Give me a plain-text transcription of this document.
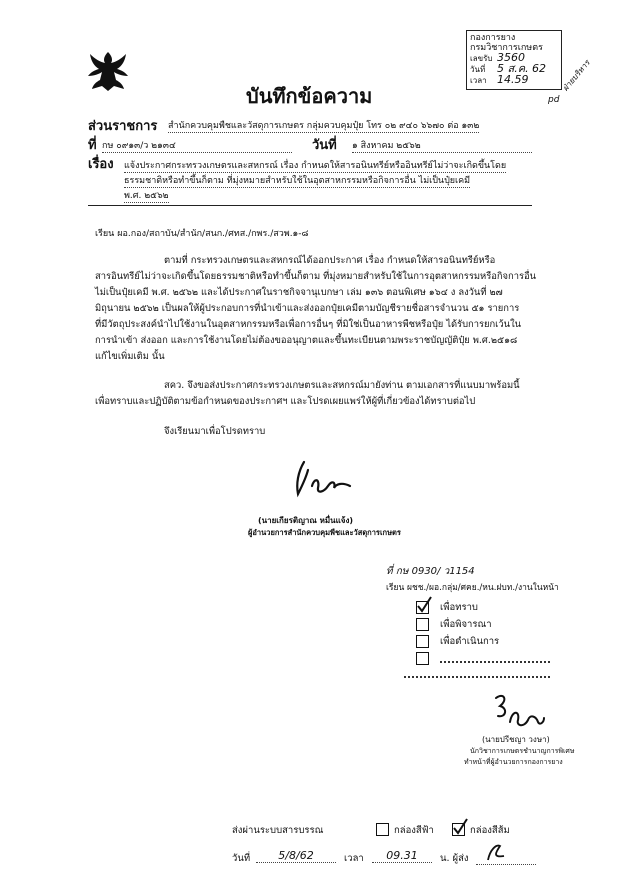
กองการยาง
กรมวิชาการเกษตร
เลขรับ 3560
วันที่ 5 ส.ค. 62
เวลา 14.59	ฝ่ายบริหาร
pd
บันทึกข้อความ
ส่วนราชการ สำนักควบคุมพืชและวัสดุการเกษตร กลุ่มควบคุมปุ๋ย โทร ๐๒ ๙๔๐ ๖๖๗๐ ต่อ ๑๓๒
ที่ กษ ๐๙๑๓/ว ๒๑๓๔	วันที่ ๑ สิงหาคม ๒๕๖๒
เรื่อง แจ้งประกาศกระทรวงเกษตรและสหกรณ์ เรื่อง กำหนดให้สารอนินทรีย์หรืออินทรีย์ไม่ว่าจะเกิดขึ้นโดย
ธรรมชาติหรือทำขึ้นก็ตาม ที่มุ่งหมายสำหรับใช้ในอุตสาหกรรมหรือกิจการอื่น ไม่เป็นปุ๋ยเคมี
พ.ศ. ๒๕๖๒
เรียน ผอ.กอง/สถาบัน/สำนัก/สนก./ศทส./กพร./สวพ.๑-๘
ตามที่ กระทรวงเกษตรและสหกรณ์ได้ออกประกาศ เรื่อง กำหนดให้สารอนินทรีย์หรือ
สารอินทรีย์ไม่ว่าจะเกิดขึ้นโดยธรรมชาติหรือทำขึ้นก็ตาม ที่มุ่งหมายสำหรับใช้ในการอุตสาหกรรมหรือกิจการอื่น
ไม่เป็นปุ๋ยเคมี พ.ศ. ๒๕๖๒ และได้ประกาศในราชกิจจานุเบกษา เล่ม ๑๓๖ ตอนพิเศษ ๑๖๔ ง ลงวันที่ ๒๗
มิถุนายน ๒๕๖๒ เป็นผลให้ผู้ประกอบการที่นำเข้าและส่งออกปุ๋ยเคมีตามบัญชีรายชื่อสารจำนวน ๕๑ รายการ
ที่มีวัตถุประสงค์นำไปใช้งานในอุตสาหกรรมหรือเพื่อการอื่นๆ ที่มิใช่เป็นอาหารพืชหรือปุ๋ย ได้รับการยกเว้นใน
การนำเข้า ส่งออก และการใช้งานโดยไม่ต้องขออนุญาตและขึ้นทะเบียนตามพระราชบัญญัติปุ๋ย พ.ศ.๒๕๑๘
แก้ไขเพิ่มเติม นั้น
สคว. จึงขอส่งประกาศกระทรวงเกษตรและสหกรณ์มายังท่าน ตามเอกสารที่แนบมาพร้อมนี้
เพื่อทราบและปฏิบัติตามข้อกำหนดของประกาศฯ และโปรดเผยแพร่ให้ผู้ที่เกี่ยวข้องได้ทราบต่อไป
จึงเรียนมาเพื่อโปรดทราบ
(นายเกียรติญาณ หมื่นแจ้ง)
ผู้อำนวยการสำนักควบคุมพืชและวัสดุการเกษตร
ที่ กษ 0930/ ว1154
เรียน ผชช./ผอ.กลุ่ม/ศคย./หน.ฝบท./งานในหน้า
เพื่อทราบ
เพื่อพิจารณา
เพื่อดำเนินการ
(นายปรีชญา วงษา)
นักวิชาการเกษตรชำนาญการพิเศษ
ทำหน้าที่ผู้อำนวยการกองการยาง
ส่งผ่านระบบสารบรรณ	กล่องสีฟ้า	กล่องสีส้ม
วันที่	5/8/62	เวลา	09.31	น. ผู้ส่ง
